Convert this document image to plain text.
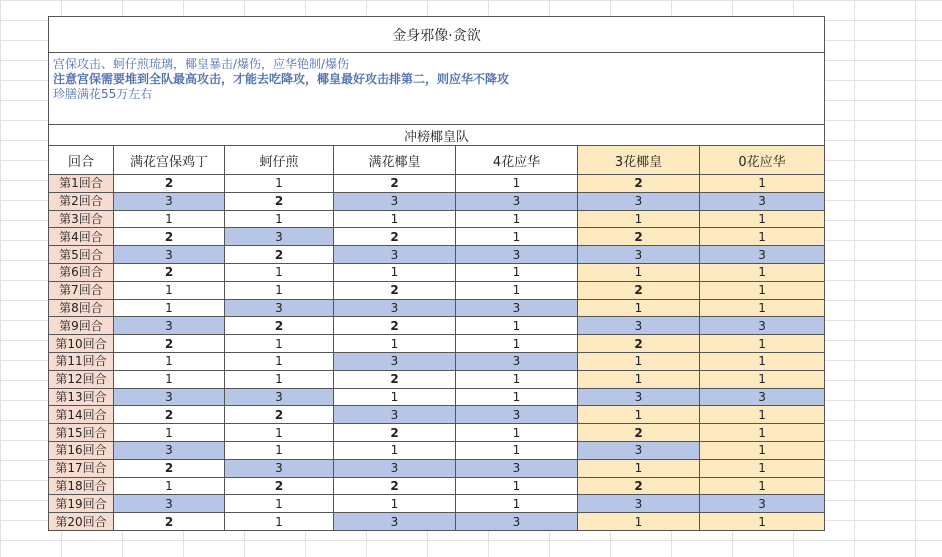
金身邪像·贪欲						

宫保攻击、蚵仔煎琉璃，椰皇暴击/爆伤，应华铯制/爆伤
注意宫保需要堆到全队最高攻击，才能去吃降攻，椰皇最好攻击排第二，则应华不降攻
珍膳满花55万左右						

冲榜椰皇队						
回合	满花宫保鸡丁	蚵仔煎	满花椰皇	4花应华	3花椰皇	0花应华
第1回合	2	1	2	1	2	1
第2回合	3	2	3	3	3	3
第3回合	1	1	1	1	1	1
第4回合	2	3	2	1	2	1
第5回合	3	2	3	3	3	3
第6回合	2	1	1	1	1	1
第7回合	1	1	2	1	2	1
第8回合	1	3	3	3	1	1
第9回合	3	2	2	1	3	3
第10回合	2	1	1	1	2	1
第11回合	1	1	3	3	1	1
第12回合	1	1	2	1	1	1
第13回合	3	3	1	1	3	3
第14回合	2	2	3	3	1	1
第15回合	1	1	2	1	2	1
第16回合	3	1	1	1	3	1
第17回合	2	3	3	3	1	1
第18回合	1	2	2	1	2	1
第19回合	3	1	1	1	3	3
第20回合	2	1	3	3	1	1
